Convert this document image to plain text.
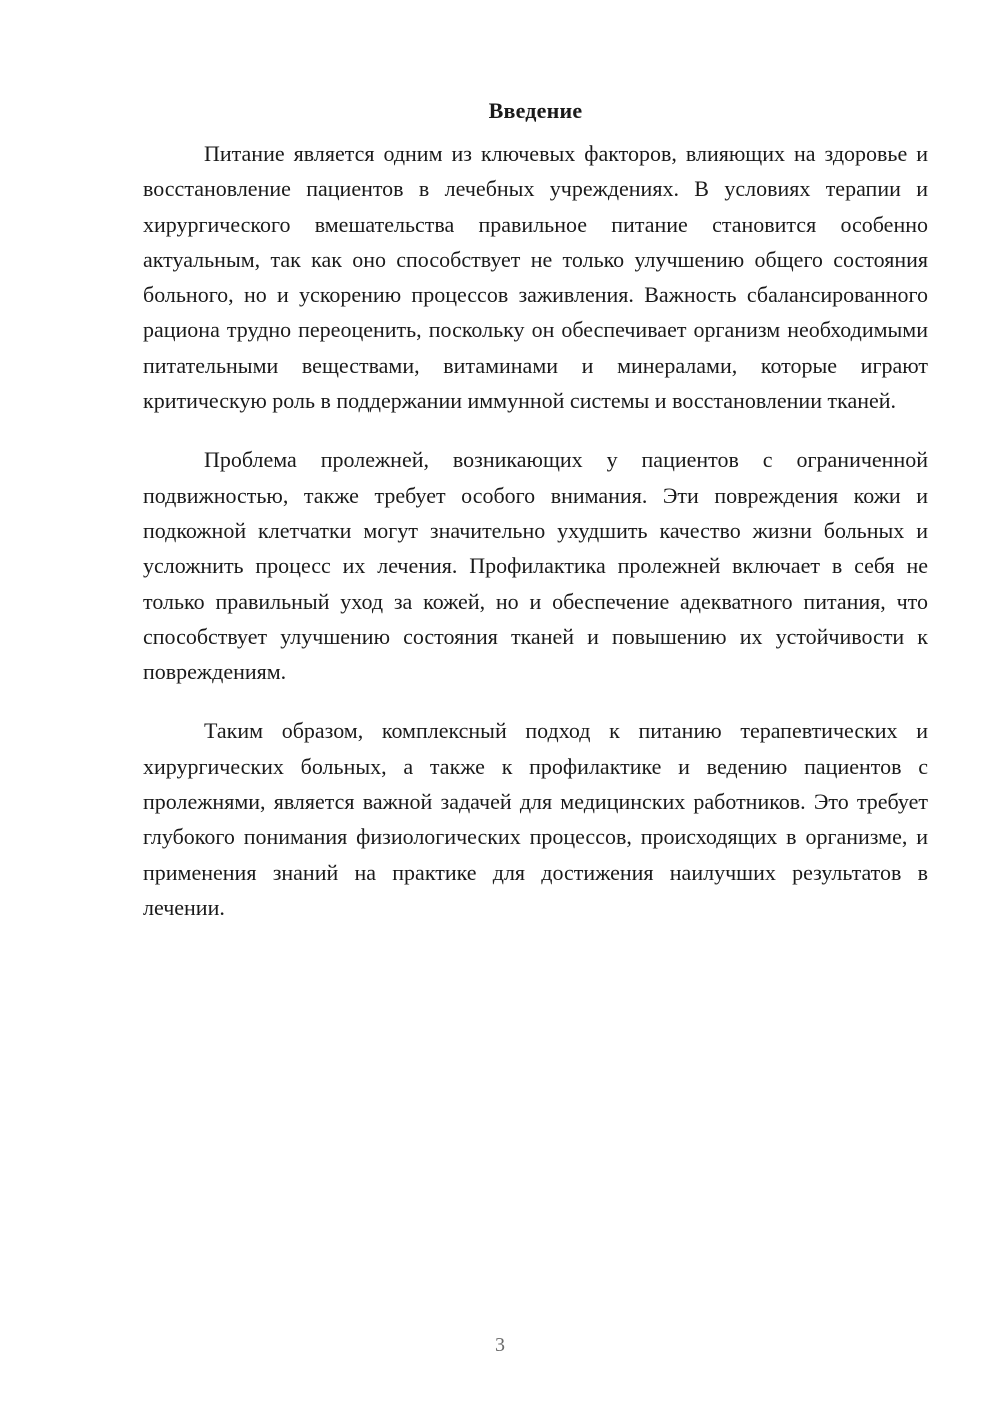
Введение

Питание является одним из ключевых факторов, влияющих на здоровье и восстановление пациентов в лечебных учреждениях. В условиях терапии и хирургического вмешательства правильное питание становится особенно актуальным, так как оно способствует не только улучшению общего состояния больного, но и ускорению процессов заживления. Важность сбалансированного рациона трудно переоценить, поскольку он обеспечивает организм необходимыми питательными веществами, витаминами и минералами, которые играют критическую роль в поддержании иммунной системы и восстановлении тканей.

Проблема пролежней, возникающих у пациентов с ограниченной подвижностью, также требует особого внимания. Эти повреждения кожи и подкожной клетчатки могут значительно ухудшить качество жизни больных и усложнить процесс их лечения. Профилактика пролежней включает в себя не только правильный уход за кожей, но и обеспечение адекватного питания, что способствует улучшению состояния тканей и повышению их устойчивости к повреждениям.

Таким образом, комплексный подход к питанию терапевтических и хирургических больных, а также к профилактике и ведению пациентов с пролежнями, является важной задачей для медицинских работников. Это требует глубокого понимания физиологических процессов, происходящих в организме, и применения знаний на практике для достижения наилучших результатов в лечении.

3
